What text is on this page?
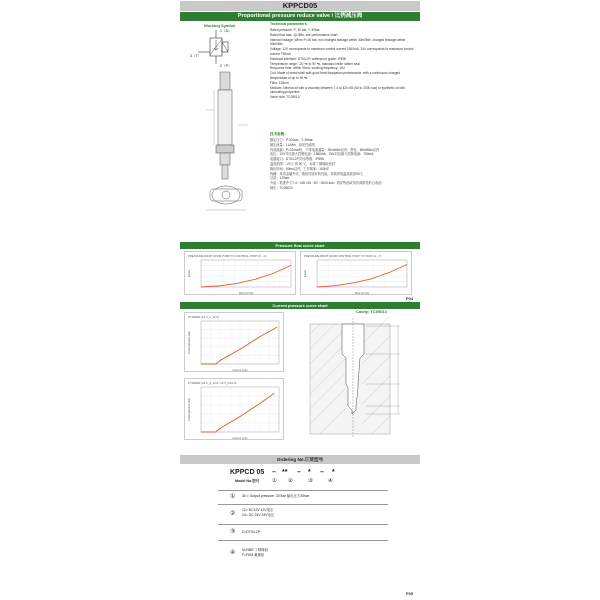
KPPCD05
Proportional pressure reduce valve / 比例减压阀
Working Symbol
1（A）
3（T）
2（P）
Technical parameters:
Rated pressure: P: 30 bar, T: 30bar
Rated flow rate: 1(L/Min, see performance chart
Internal leakage: When P=30 bar, non charged leakage within 30ml/Min, charged leakage within 60ml/Min
Voltage: 12V corresponds to maximum control current 1560mA, 24V corresponds to maximum control current 750mA
Electrical interface: DT04-2P, waterproof grade: IP69K
Temperature range: -20 ℃ to 90 ℃, standard nitrile rubber seal
Response time: within 50ms, working frequency: 1Hz
Coil: Made of metal shell with good heat dissipation performance, with a continuous charged temperature of up to 90 ℃
Filter: 125um
Medium: Mineral oil with a viscosity between 7.4 to 420 cSt (50 to 2000 sus) or synthetic oil with lubricating properties
Valve hole: TC05013
技术参数:
额定压力：P:30 bar；T: 30bar
额定流量：1L/Min，参见性能图
内部泄漏：P=30 bar时，不带电泄漏量：30ml/Min以内；带电：60ml/Min以内
电压：12V对应最大控制电流：1560mA，24V对应最大控制电流：750mA
电器接口：DT04-2P 防水等级：IP69K
温度范围：-20℃ 到 90 ℃，标准丁腈橡胶密封
响应时间：50ms以内，工作频率：100HZ
线圈：采用金属外壳，散热性较好的性能，持续带电温度最高90℃
过滤：125um
介质：粘度介于7.4～420 cSt（50～2000 sus）的矿物油或具有润滑性的合成油
阀孔：TC05013
Pressure flow curve chart
PRESSURE DROP FROM PUMP TO CONTROL PORT (P→A)
Flow (L/min)
psi bar
PRESSURE DROP FROM CONTROL PORT TO TANK (A→T)
Flow (L/min)
psi bar
P04
Current pressure curve chart
P=30BAR (12 V_4_12.0)
Current (mA)
Control pressure (bar)
P=30BAR (24 V_4_12.0 / 12 V_04-0.0)
Current (mA)
Control pressure (bar)
Cavity: TC05013
Ordering No.订货型号
KPPCD 05 – ** – * – *
Model No.型号 ① ②	③	④
① 30 = Output pressure: 30 Bar 输出压力30bar
②
12= DC12V 12V电压
24= DC 24V 24V电压
③ D=DT04-2P
④ N=NBR 丁晴橡胶
F=FKM 氟橡胶
P05
